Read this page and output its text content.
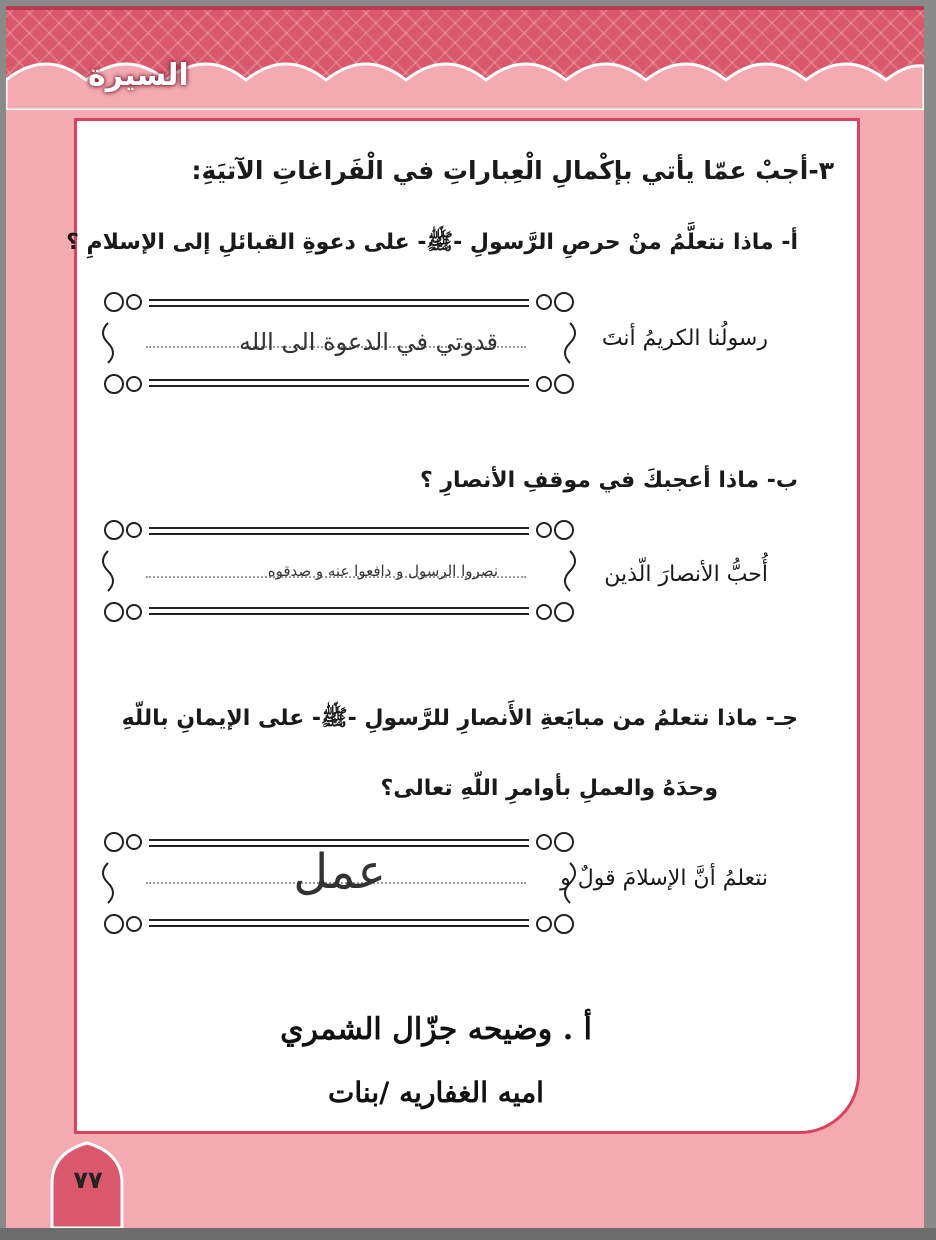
السيرة
٣-أجبْ عمّا يأتي بإكْمالِ الْعِباراتِ في الْفَراغاتِ الآتيَةِ:
أ- ماذا نتعلَّمُ منْ حرصِ الرَّسولِ -ﷺ- على دعوةِ القبائلِ إلى الإسلامِ ؟
قدوتي في الدعوة الى الله	رسولُنا الكريمُ أنتَ
ب- ماذا أعجبكَ في موقفِ الأنصارِ ؟
نصروا الرسول و دافعوا عنه و صدقوه	أُحبُّ الأنصارَ الّذين
جـ- ماذا نتعلمُ من مبايَعةِ الأَنصارِ للرَّسولِ -ﷺ- على الإيمانِ باللّهِ
وحدَهُ والعملِ بأوامرِ اللّهِ تعالى؟
عمل	نتعلمُ أنَّ الإسلامَ قولٌ و
أ . وضيحه جزّال الشمري
اميه الغفاريه /بنات
٧٧
